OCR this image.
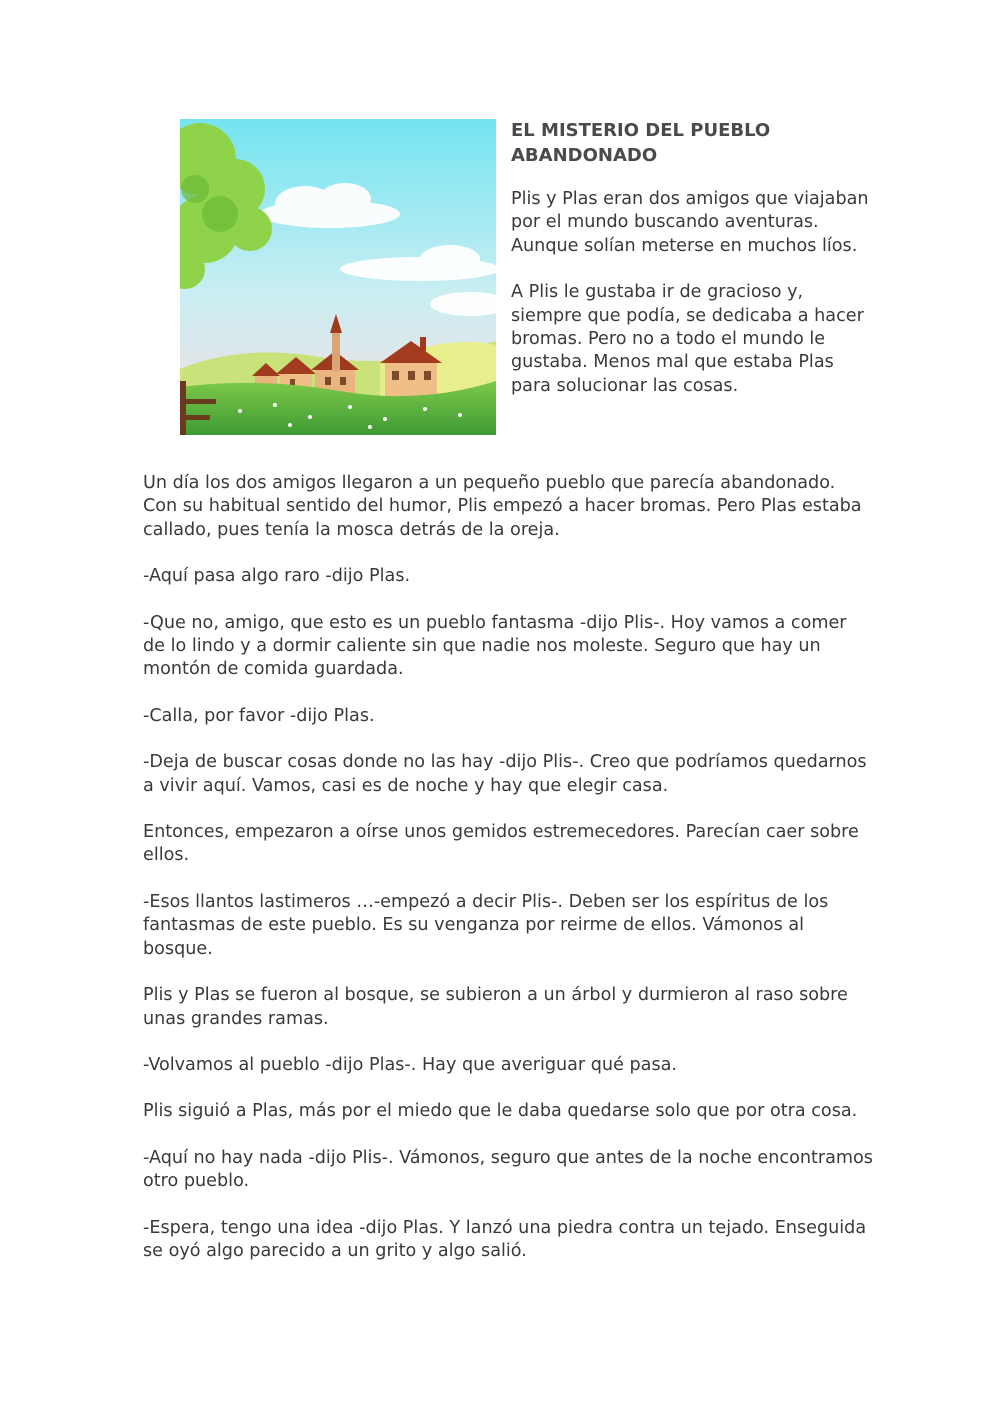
EL MISTERIO DEL PUEBLO ABANDONADO

Plis y Plas eran dos amigos que viajaban por el mundo buscando aventuras. Aunque solían meterse en muchos líos.

A Plis le gustaba ir de gracioso y, siempre que podía, se dedicaba a hacer bromas. Pero no a todo el mundo le gustaba. Menos mal que estaba Plas para solucionar las cosas.

Un día los dos amigos llegaron a un pequeño pueblo que parecía abandonado. Con su habitual sentido del humor, Plis empezó a hacer bromas. Pero Plas estaba callado, pues tenía la mosca detrás de la oreja.

-Aquí pasa algo raro -dijo Plas.

-Que no, amigo, que esto es un pueblo fantasma -dijo Plis-. Hoy vamos a comer de lo lindo y a dormir caliente sin que nadie nos moleste. Seguro que hay un montón de comida guardada.

-Calla, por favor -dijo Plas.

-Deja de buscar cosas donde no las hay -dijo Plis-. Creo que podríamos quedarnos a vivir aquí. Vamos, casi es de noche y hay que elegir casa.

Entonces, empezaron a oírse unos gemidos estremecedores. Parecían caer sobre ellos.

-Esos llantos lastimeros …-empezó a decir Plis-. Deben ser los espíritus de los fantasmas de este pueblo. Es su venganza por reirme de ellos. Vámonos al bosque.

Plis y Plas se fueron al bosque, se subieron a un árbol y durmieron al raso sobre unas grandes ramas.

-Volvamos al pueblo -dijo Plas-. Hay que averiguar qué pasa.

Plis siguió a Plas, más por el miedo que le daba quedarse solo que por otra cosa.

-Aquí no hay nada -dijo Plis-. Vámonos, seguro que antes de la noche encontramos otro pueblo.

-Espera, tengo una idea -dijo Plas. Y lanzó una piedra contra un tejado. Enseguida se oyó algo parecido a un grito y algo salió.
